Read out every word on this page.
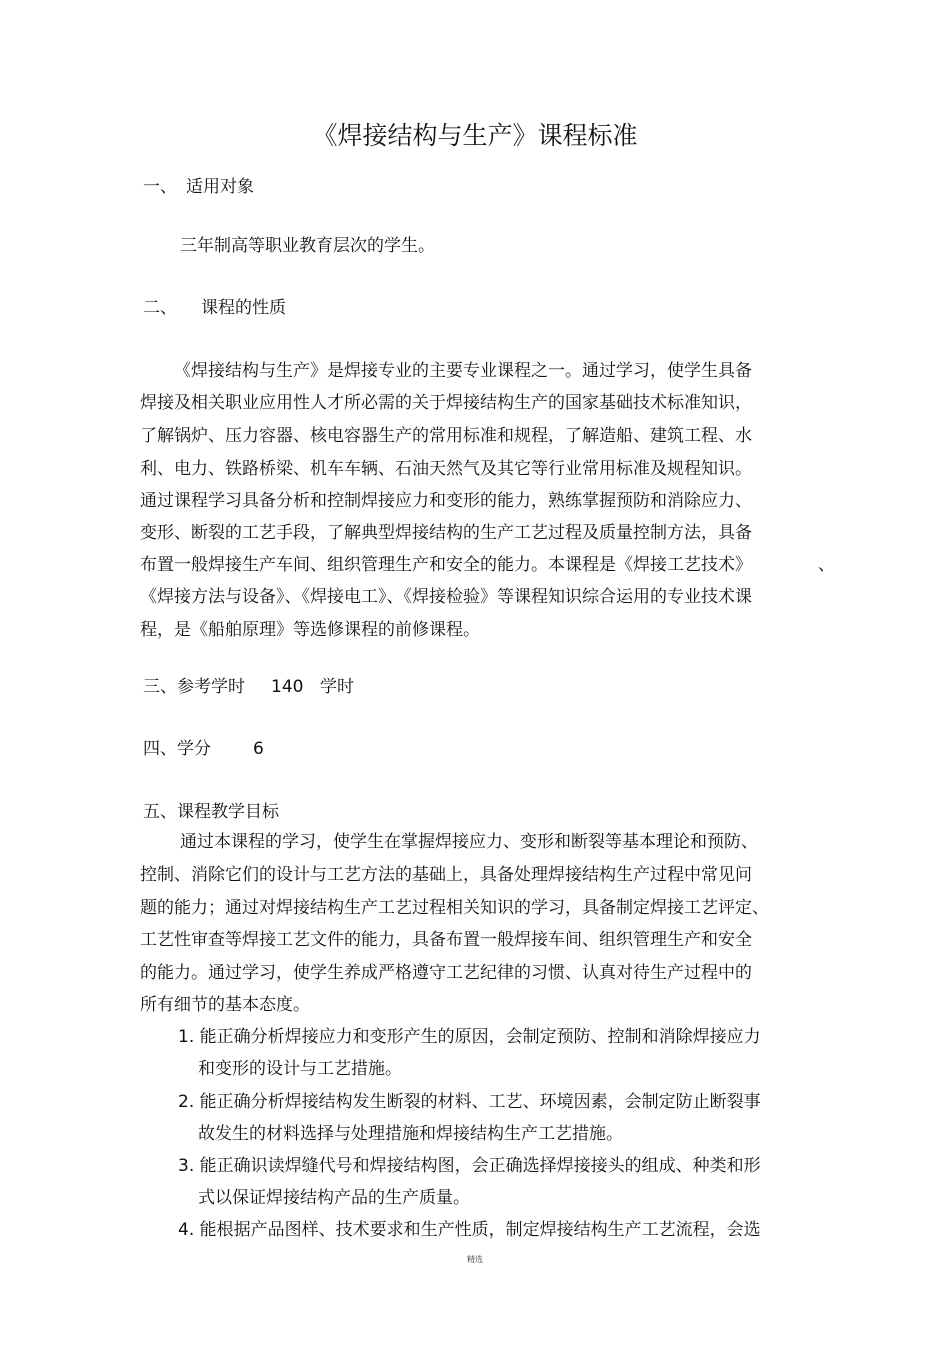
《焊接结构与生产》课程标准
一、 适用对象
三年制高等职业教育层次的学生。
二、 课程的性质
《焊接结构与生产》是焊接专业的主要专业课程之一。通过学习，使学生具备
焊接及相关职业应用性人才所必需的关于焊接结构生产的国家基础技术标准知识，
了解锅炉、压力容器、核电容器生产的常用标准和规程，了解造船、建筑工程、水
利、电力、铁路桥梁、机车车辆、石油天然气及其它等行业常用标准及规程知识。
通过课程学习具备分析和控制焊接应力和变形的能力，熟练掌握预防和消除应力、
变形、断裂的工艺手段，了解典型焊接结构的生产工艺过程及质量控制方法，具备
布置一般焊接生产车间、组织管理生产和安全的能力。本课程是《焊接工艺技术》	、
《焊接方法与设备》、《焊接电工》、《焊接检验》等课程知识综合运用的专业技术课
程，是《船舶原理》等选修课程的前修课程。
三、参考学时 140 学时
四、学分 6
五、课程教学目标
通过本课程的学习，使学生在掌握焊接应力、变形和断裂等基本理论和预防、
控制、消除它们的设计与工艺方法的基础上，具备处理焊接结构生产过程中常见问
题的能力；通过对焊接结构生产工艺过程相关知识的学习，具备制定焊接工艺评定、
工艺性审查等焊接工艺文件的能力，具备布置一般焊接车间、组织管理生产和安全
的能力。通过学习，使学生养成严格遵守工艺纪律的习惯、认真对待生产过程中的
所有细节的基本态度。
1. 能正确分析焊接应力和变形产生的原因，会制定预防、控制和消除焊接应力
和变形的设计与工艺措施。
2. 能正确分析焊接结构发生断裂的材料、工艺、环境因素，会制定防止断裂事
故发生的材料选择与处理措施和焊接结构生产工艺措施。
3. 能正确识读焊缝代号和焊接结构图，会正确选择焊接接头的组成、种类和形
式以保证焊接结构产品的生产质量。
4. 能根据产品图样、技术要求和生产性质，制定焊接结构生产工艺流程，会选
精选
